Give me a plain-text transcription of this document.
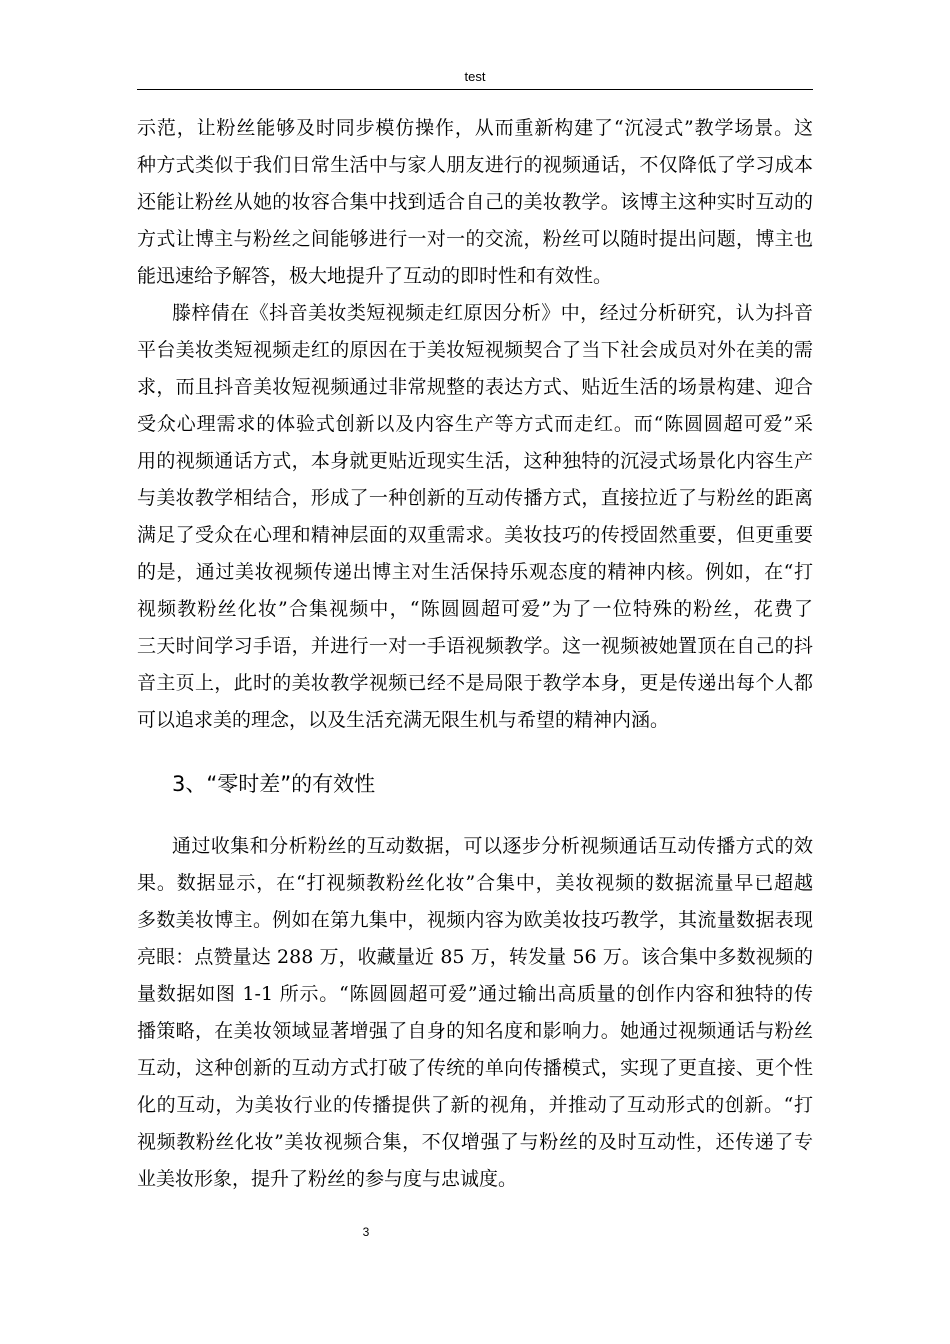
test
示范，让粉丝能够及时同步模仿操作，从而重新构建了“沉浸式”教学场景。这
种方式类似于我们日常生活中与家人朋友进行的视频通话，不仅降低了学习成本
还能让粉丝从她的妆容合集中找到适合自己的美妆教学。该博主这种实时互动的
方式让博主与粉丝之间能够进行一对一的交流，粉丝可以随时提出问题，博主也
能迅速给予解答，极大地提升了互动的即时性和有效性。
滕梓倩在《抖音美妆类短视频走红原因分析》中，经过分析研究，认为抖音
平台美妆类短视频走红的原因在于美妆短视频契合了当下社会成员对外在美的需
求，而且抖音美妆短视频通过非常规整的表达方式、贴近生活的场景构建、迎合
受众心理需求的体验式创新以及内容生产等方式而走红。而“陈圆圆超可爱”采
用的视频通话方式，本身就更贴近现实生活，这种独特的沉浸式场景化内容生产
与美妆教学相结合，形成了一种创新的互动传播方式，直接拉近了与粉丝的距离
满足了受众在心理和精神层面的双重需求。美妆技巧的传授固然重要，但更重要
的是，通过美妆视频传递出博主对生活保持乐观态度的精神内核。例如，在“打
视频教粉丝化妆”合集视频中，“陈圆圆超可爱”为了一位特殊的粉丝，花费了
三天时间学习手语，并进行一对一手语视频教学。这一视频被她置顶在自己的抖
音主页上，此时的美妆教学视频已经不是局限于教学本身，更是传递出每个人都
可以追求美的理念，以及生活充满无限生机与希望的精神内涵。
3、“零时差”的有效性
通过收集和分析粉丝的互动数据，可以逐步分析视频通话互动传播方式的效
果。数据显示，在“打视频教粉丝化妆”合集中，美妆视频的数据流量早已超越
多数美妆博主。例如在第九集中，视频内容为欧美妆技巧教学，其流量数据表现
亮眼：点赞量达 288 万，收藏量近 85 万，转发量 56 万。该合集中多数视频的
量数据如图 1-1 所示。“陈圆圆超可爱”通过输出高质量的创作内容和独特的传
播策略，在美妆领域显著增强了自身的知名度和影响力。她通过视频通话与粉丝
互动，这种创新的互动方式打破了传统的单向传播模式，实现了更直接、更个性
化的互动，为美妆行业的传播提供了新的视角，并推动了互动形式的创新。“打
视频教粉丝化妆”美妆视频合集，不仅增强了与粉丝的及时互动性，还传递了专
业美妆形象，提升了粉丝的参与度与忠诚度。
3
